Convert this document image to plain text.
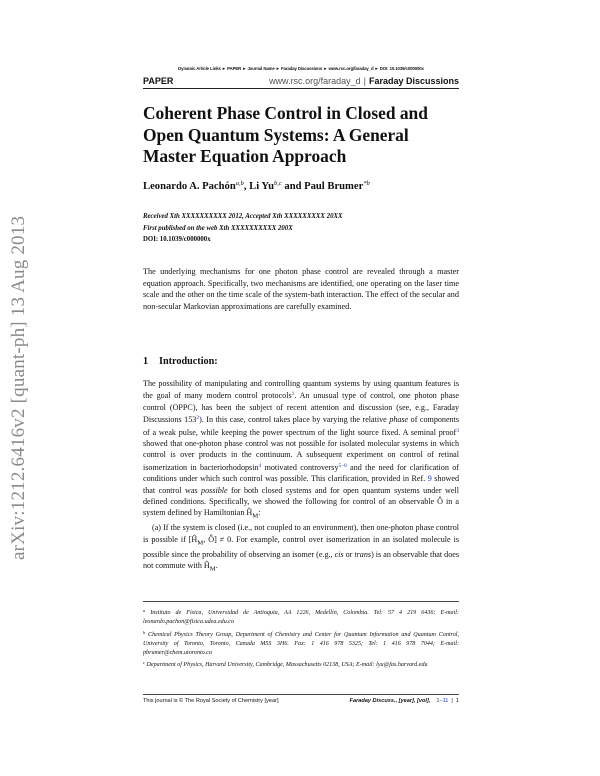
arXiv:1212.6416v2 [quant-ph] 13 Aug 2013
Dynamic Article Links ► PAPER ► Journal Name ► Faraday Discussions ► www.rsc.org/faraday_d ► DOI: 10.1039/c000000x
PAPER	www.rsc.org/faraday_d | Faraday Discussions
Coherent Phase Control in Closed and Open Quantum Systems: A General Master Equation Approach
Leonardo A. Pachón$^{a,b}$, Li Yu$^{b,c}$ and Paul Brumer$^{*b}$
Received Xth XXXXXXXXXX 2012, Accepted Xth XXXXXXXXX 20XX
First published on the web Xth XXXXXXXXXX 200X
DOI: 10.1039/c000000x
The underlying mechanisms for one photon phase control are revealed through a master equation approach. Specifically, two mechanisms are identified, one operating on the laser time scale and the other on the time scale of the system-bath interaction. The effect of the secular and non-secular Markovian approximations are carefully examined.
1 Introduction:

The possibility of manipulating and controlling quantum systems by using quantum features is the goal of many modern control protocols$^1$. An unusual type of control, one photon phase control (OPPC), has been the subject of recent attention and discussion (see, e.g., Faraday Discussions $153^2$). In this case, control takes place by varying the relative phase of components of a weak pulse, while keeping the power spectrum of the light source fixed. A seminal proof$^3$ showed that one-photon phase control was not possible for isolated molecular systems in which control is over products in the continuum. A subsequent experiment on control of retinal isomerization in bacteriorhodopsin$^4$ motivated controversy$^{5-8}$ and the need for clarification of conditions under which such control was possible. This clarification, provided in Ref. 9 showed that control was possible for both closed systems and for open quantum systems under well defined conditions. Specifically, we showed the following for control of an observable Ô in a system defined by Hamiltonian $Ĥ_M$:

(a) If the system is closed (i.e., not coupled to an environment), then one-photon phase control is possible if [$Ĥ_M$, Ô] ≠ 0. For example, control over isomerization in an isolated molecule is possible since the probability of observing an isomer (e.g., cis or trans) is an observable that does not commute with $Ĥ_M$.

$^a$ Instituto de Física, Universidad de Antioquia, AA 1226, Medellín, Colombia. Tel: 57 4 219 6436; E-mail: leonardo.pachon@fisica.udea.edu.co

$^b$ Chemical Physics Theory Group, Department of Chemistry and Center for Quantum Information and Quantum Control, University of Toronto, Toronto, Canada M5S 3H6. Fax: 1 416 978 5325; Tel: 1 416 978 7044; E-mail: pbrumer@chem.utoronto.ca

$^c$ Department of Physics, Harvard University, Cambridge, Massachusetts 02138, USA; E-mail: lyu@fas.harvard.edu

This journal is © The Royal Society of Chemistry [year]	Faraday Discuss., [year], [vol], 1–11 | 1
